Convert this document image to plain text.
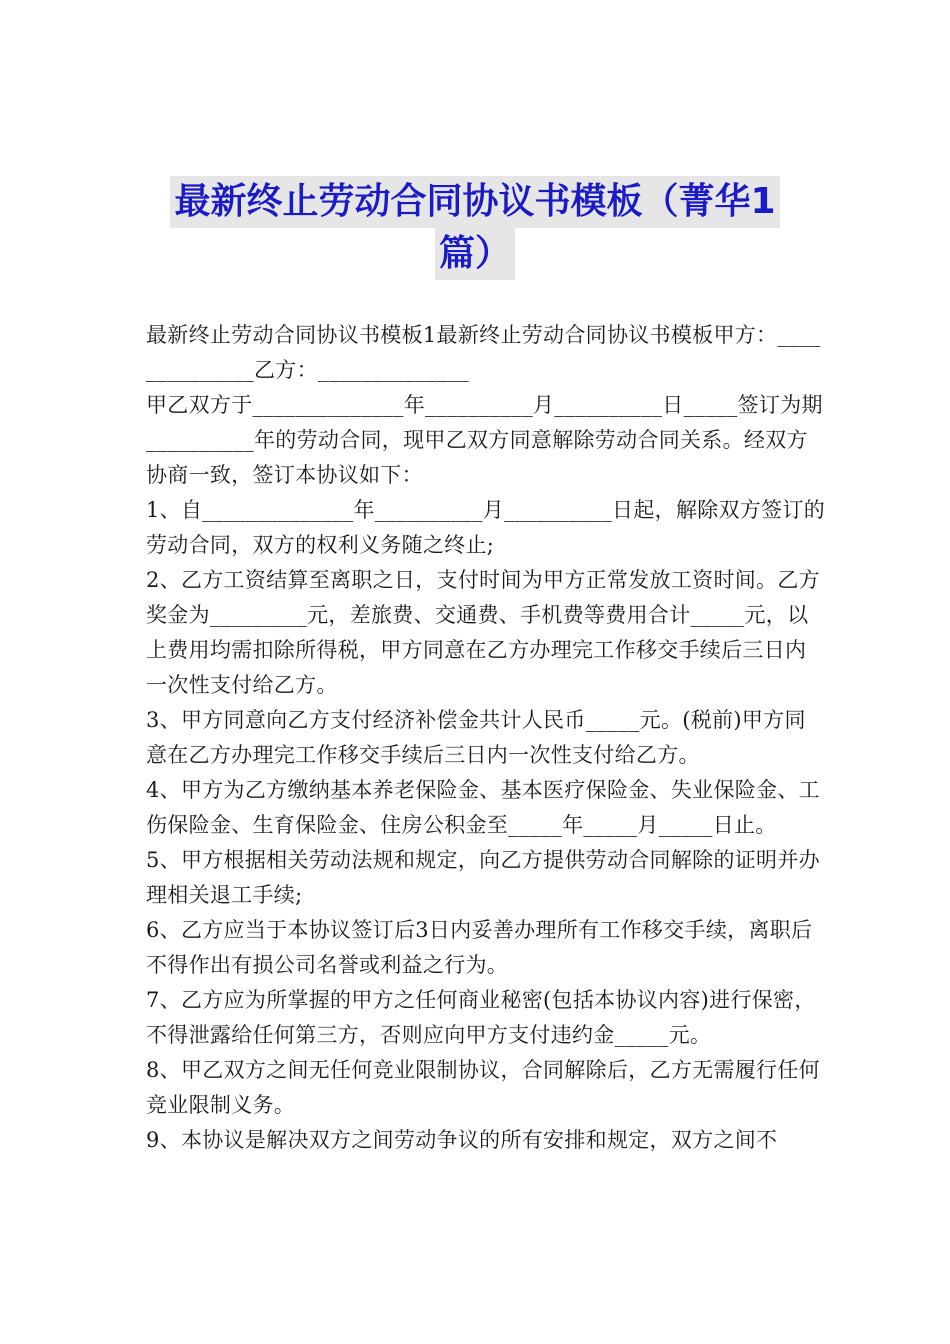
最新终止劳动合同协议书模板（菁华1
篇）

最新终止劳动合同协议书模板1最新终止劳动合同协议书模板甲方：______________乙方：______________

甲乙双方于______________年__________月__________日_____签订为期__________年的劳动合同，现甲乙双方同意解除劳动合同关系。经双方协商一致，签订本协议如下：

1、自______________年__________月__________日起，解除双方签订的劳动合同，双方的权利义务随之终止;

2、乙方工资结算至离职之日，支付时间为甲方正常发放工资时间。乙方奖金为_________元，差旅费、交通费、手机费等费用合计_____元，以上费用均需扣除所得税，甲方同意在乙方办理完工作移交手续后三日内一次性支付给乙方。

3、甲方同意向乙方支付经济补偿金共计人民币_____元。(税前)甲方同意在乙方办理完工作移交手续后三日内一次性支付给乙方。

4、甲方为乙方缴纳基本养老保险金、基本医疗保险金、失业保险金、工伤保险金、生育保险金、住房公积金至_____年_____月_____日止。

5、甲方根据相关劳动法规和规定，向乙方提供劳动合同解除的证明并办理相关退工手续;

6、乙方应当于本协议签订后3日内妥善办理所有工作移交手续，离职后不得作出有损公司名誉或利益之行为。

7、乙方应为所掌握的甲方之任何商业秘密(包括本协议内容)进行保密，不得泄露给任何第三方，否则应向甲方支付违约金_____元。

8、甲乙双方之间无任何竞业限制协议，合同解除后，乙方无需履行任何竞业限制义务。

9、本协议是解决双方之间劳动争议的所有安排和规定，双方之间不
